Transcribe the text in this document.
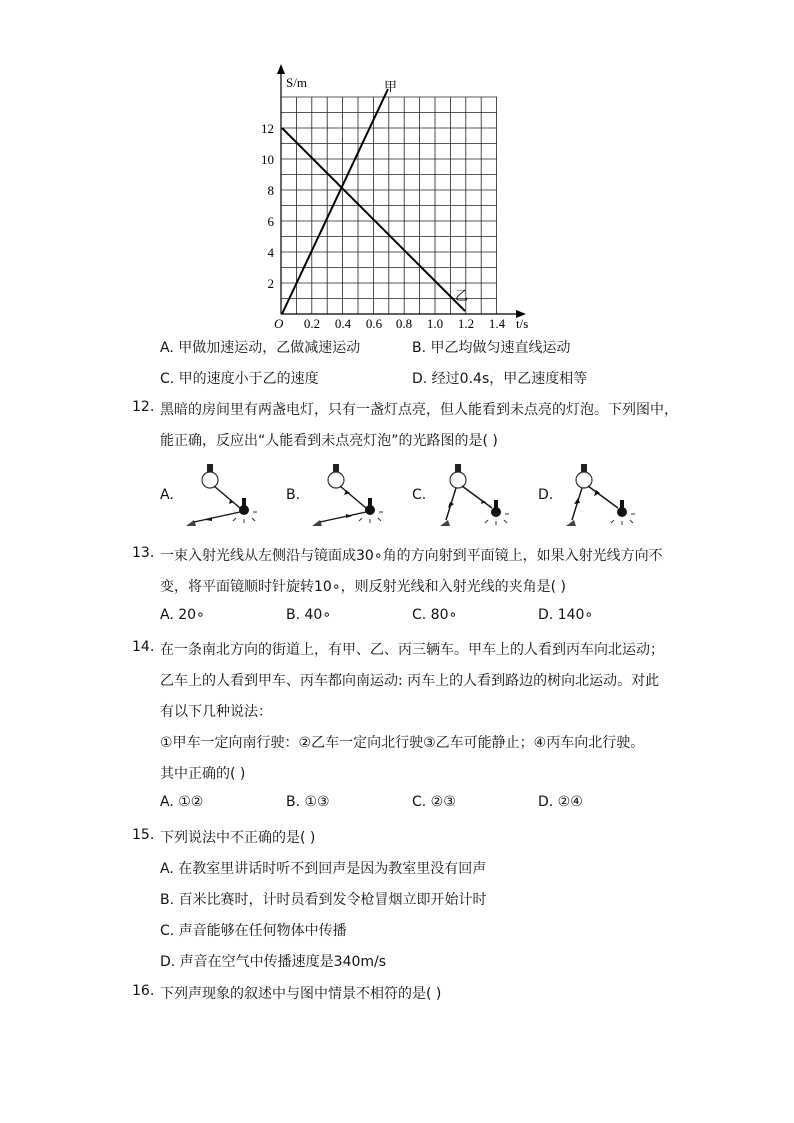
S/m
t/s
O
甲
乙
2
4
6
8
10
12
0.2 0.4 0.6 0.8 1.0 1.2 1.4
A. 甲做加速运动，乙做减速运动	B. 甲乙均做匀速直线运动
C. 甲的速度小于乙的速度	D. 经过0.4s，甲乙速度相等
12. 黑暗的房间里有两盏电灯，只有一盏灯点亮，但人能看到未点亮的灯泡。下列图中，
能正确，反应出“人能看到未点亮灯泡”的光路图的是( )
A.	B.	C.	D.
13. 一束入射光线从左侧沿与镜面成30∘角的方向射到平面镜上，如果入射光线方向不
变，将平面镜顺时针旋转10∘，则反射光线和入射光线的夹角是( )
A. 20∘	B. 40∘	C. 80∘	D. 140∘
14. 在一条南北方向的街道上，有甲、乙、丙三辆车。甲车上的人看到丙车向北运动；
乙车上的人看到甲车、丙车都向南运动: 丙车上的人看到路边的树向北运动。对此
有以下几种说法：
①甲车一定向南行驶：②乙车一定向北行驶③乙车可能静止；④丙车向北行驶。
其中正确的( )
A. ①②	B. ①③	C. ②③	D. ②④
15. 下列说法中不正确的是( )
A. 在教室里讲话时听不到回声是因为教室里没有回声
B. 百米比赛时，计时员看到发令枪冒烟立即开始计时
C. 声音能够在任何物体中传播
D. 声音在空气中传播速度是340m/s
16. 下列声现象的叙述中与图中情景不相符的是( )
